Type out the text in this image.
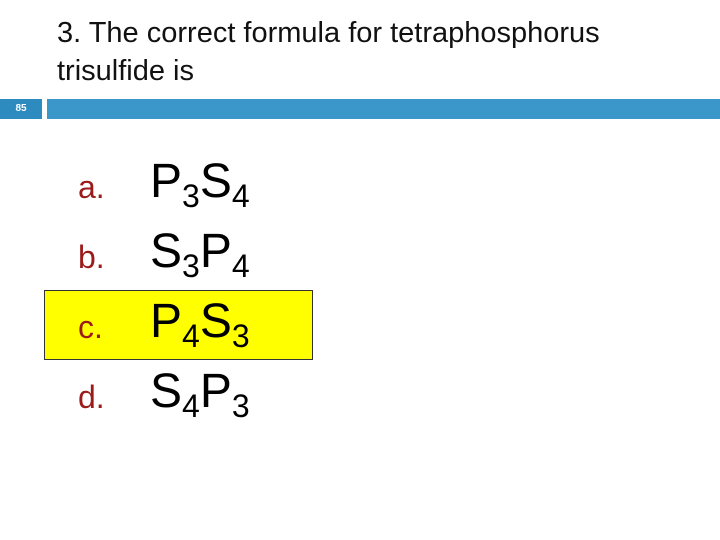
3. The correct formula for tetraphosphorus trisulfide is
85
a. $P_3S_4$
b. $S_3P_4$
c. $P_4S_3$
d. $S_4P_3$
